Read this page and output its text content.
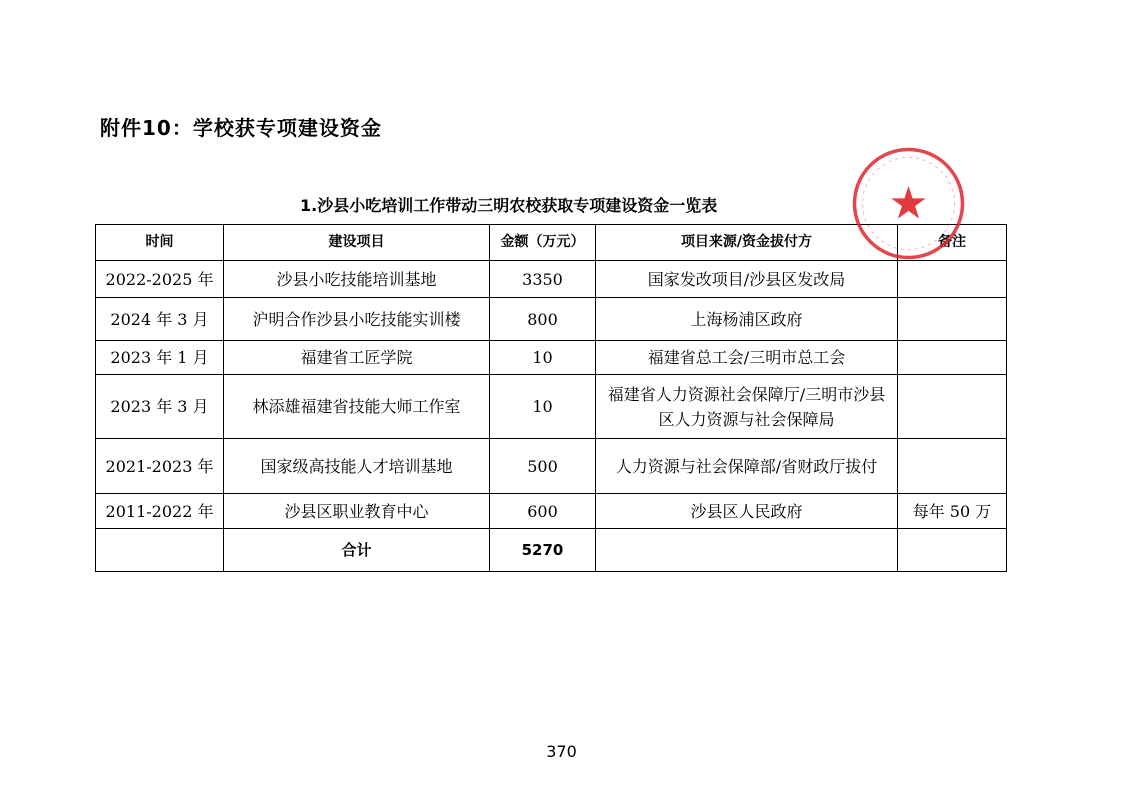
附件10：学校获专项建设资金
1.沙县小吃培训工作带动三明农校获取专项建设资金一览表
时间	建设项目	金额（万元）	项目来源/资金拔付方	备注
2022-2025 年	沙县小吃技能培训基地	3350	国家发改项目/沙县区发改局	
2024 年 3 月	沪明合作沙县小吃技能实训楼	800	上海杨浦区政府	
2023 年 1 月	福建省工匠学院	10	福建省总工会/三明市总工会	
2023 年 3 月	林添雄福建省技能大师工作室	10	福建省人力资源社会保障厅/三明市沙县区人力资源与社会保障局	
2021-2023 年	国家级高技能人才培训基地	500	人力资源与社会保障部/省财政厅拔付	
2011-2022 年	沙县区职业教育中心	600	沙县区人民政府	每年 50 万
	合计	5270		
370
